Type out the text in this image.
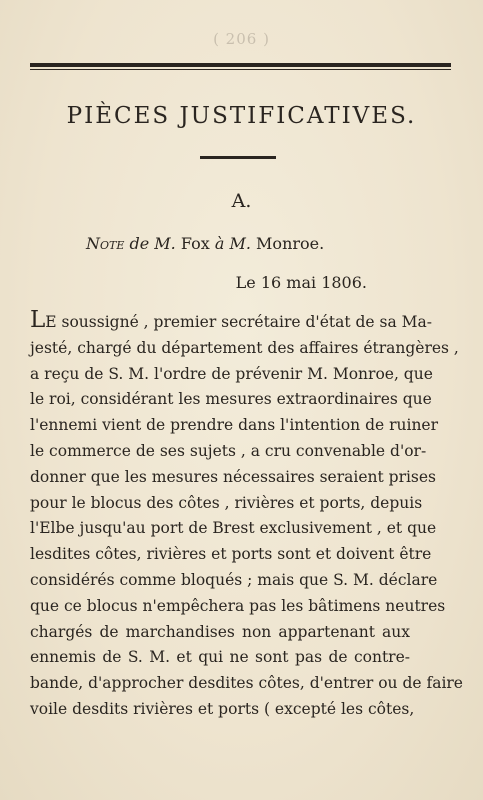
( 206 )
PIÈCES JUSTIFICATIVES.
A.
Note de M. Fox à M. Monroe.
Le 16 mai 1806.
LE soussigné , premier secrétaire d'état de sa Ma-
jesté, chargé du département des affaires étrangères ,
a reçu de S. M. l'ordre de prévenir M. Monroe, que
le roi, considérant les mesures extraordinaires que
l'ennemi vient de prendre dans l'intention de ruiner
le commerce de ses sujets , a cru convenable d'or-
donner que les mesures nécessaires seraient prises
pour le blocus des côtes , rivières et ports, depuis
l'Elbe jusqu'au port de Brest exclusivement , et que
lesdites côtes, rivières et ports sont et doivent être
considérés comme bloqués ; mais que S. M. déclare
que ce blocus n'empêchera pas les bâtimens neutres
chargés de marchandises non appartenant aux
ennemis de S. M. et qui ne sont pas de contre-
bande, d'approcher desdites côtes, d'entrer ou de faire
voile desdits rivières et ports ( excepté les côtes,
